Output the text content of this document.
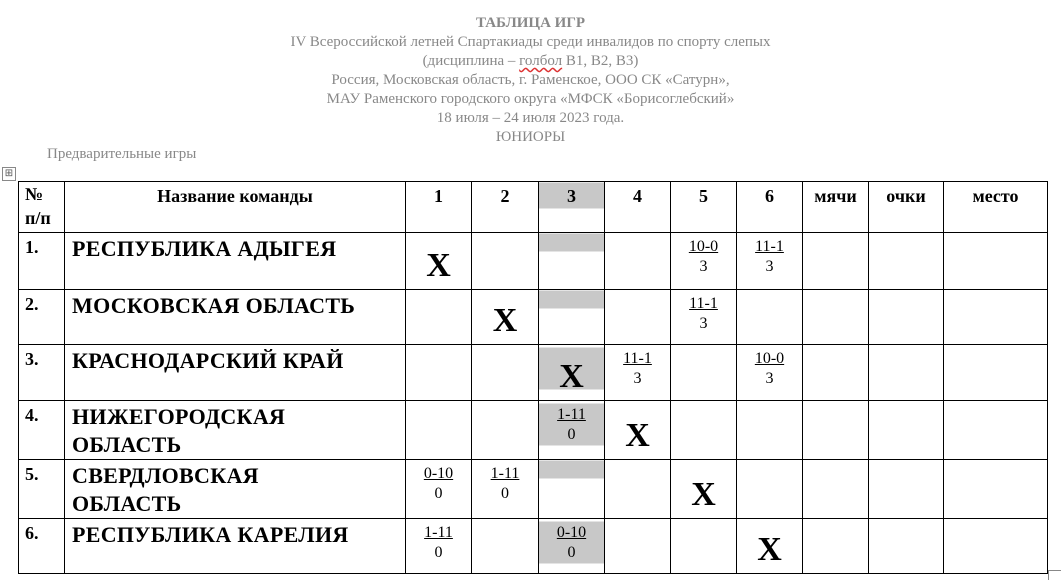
ТАБЛИЦА ИГР
IV Всероссийской летней Спартакиады среди инвалидов по спорту слепых
(дисциплина – голбол В1, В2, В3)
Россия, Московская область, г. Раменское, ООО СК «Сатурн»,
МАУ Раменского городского округа «МФСК «Борисоглебский»
18 июля – 24 июля 2023 года.
ЮНИОРЫ
Предварительные игры
⊞
№
п/п	Название команды	1	2	3	4	5	6	мячи	очки	место
1.	РЕСПУБЛИКА АДЫГЕЯ	X				$\frac{10-0}{3}$	$\frac{11-1}{3}$

2.	МОСКОВСКАЯ ОБЛАСТЬ		X			$\frac{11-1}{3}$

3.	КРАСНОДАРСКИЙ КРАЙ			X	$\frac{11-1}{3}$		$\frac{10-0}{3}$

4.	НИЖЕГОРОДСКАЯ
ОБЛАСТЬ			$\frac{1-11}{0}$	X					

5.	СВЕРДЛОВСКАЯ
ОБЛАСТЬ	$\frac{0-10}{0}$	$\frac{1-11}{0}$			X				

6.	РЕСПУБЛИКА КАРЕЛИЯ	$\frac{1-11}{0}$		$\frac{0-10}{0}$			X			
